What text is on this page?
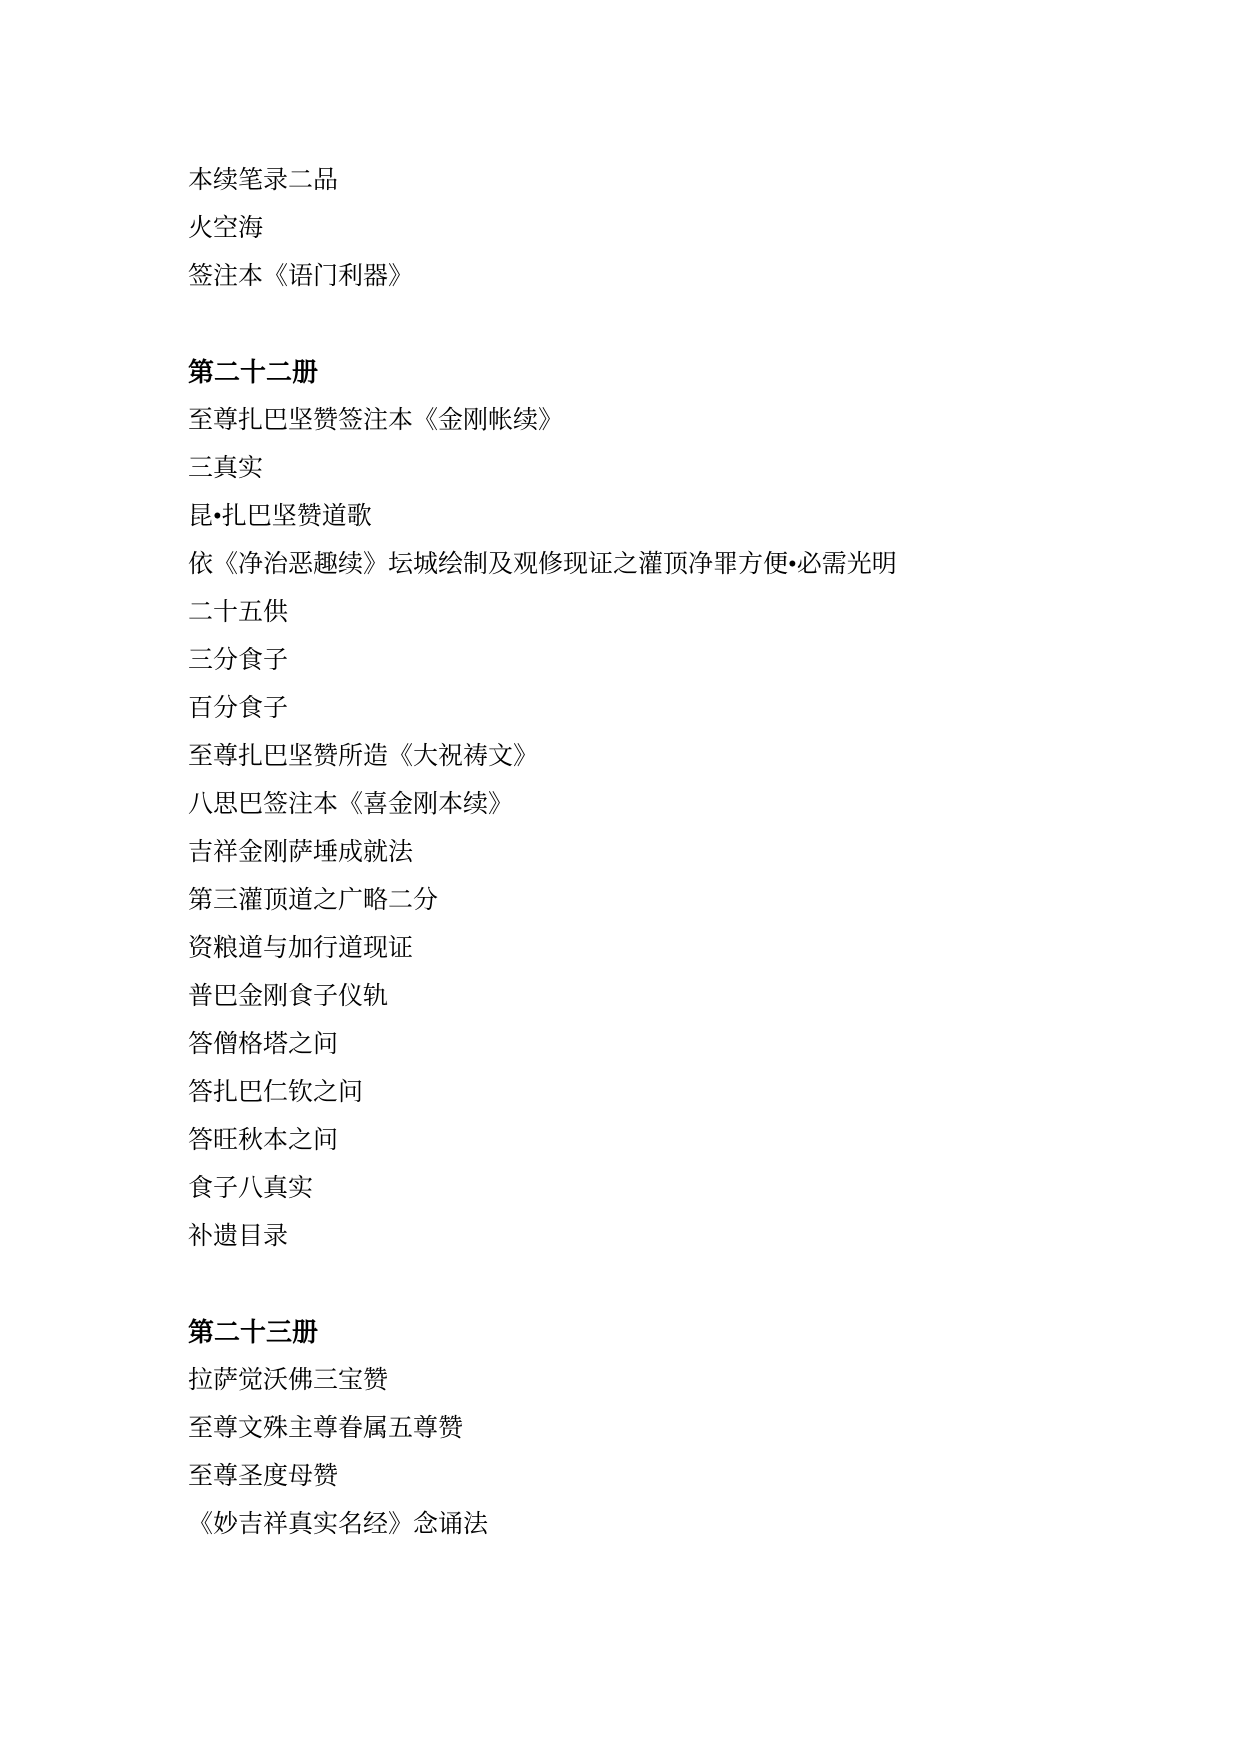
本续笔录二品
火空海
签注本《语门利器》
第二十二册
至尊扎巴坚赞签注本《金刚帐续》
三真实
昆•扎巴坚赞道歌
依《净治恶趣续》坛城绘制及观修现证之灌顶净罪方便•必需光明
二十五供
三分食子
百分食子
至尊扎巴坚赞所造《大祝祷文》
八思巴签注本《喜金刚本续》
吉祥金刚萨埵成就法
第三灌顶道之广略二分
资粮道与加行道现证
普巴金刚食子仪轨
答僧格塔之问
答扎巴仁钦之问
答旺秋本之问
食子八真实
补遗目录
第二十三册
拉萨觉沃佛三宝赞
至尊文殊主尊眷属五尊赞
至尊圣度母赞
《妙吉祥真实名经》念诵法
